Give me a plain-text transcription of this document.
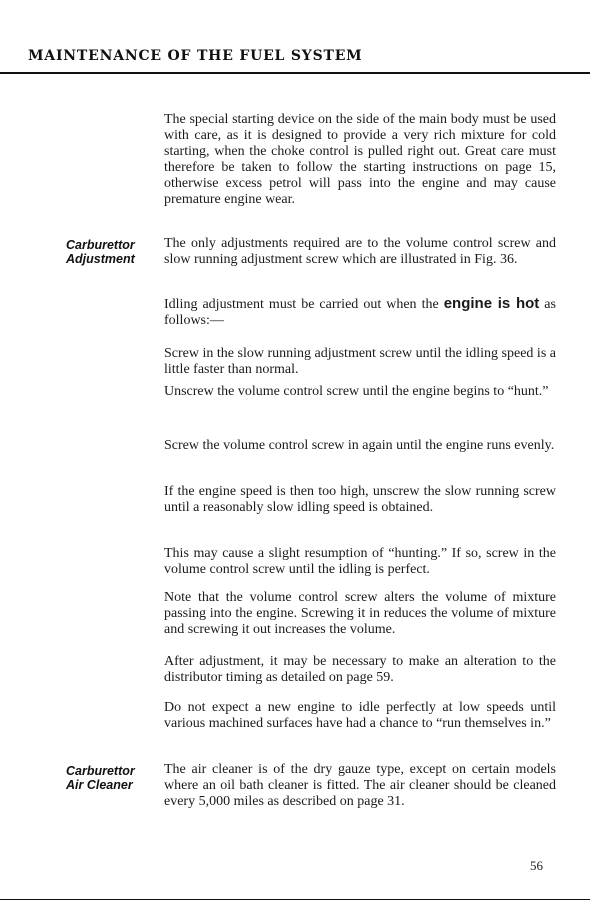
MAINTENANCE OF THE FUEL SYSTEM

The special starting device on the side of the main body must be used with care, as it is designed to provide a very rich mixture for cold starting, when the choke control is pulled right out. Great care must therefore be taken to follow the starting instructions on page 15, otherwise excess petrol will pass into the engine and may cause premature engine wear.

Carburettor
Adjustment

The only adjustments required are to the volume control screw and slow running adjustment screw which are illustrated in Fig. 36.

Idling adjustment must be carried out when the engine is hot as follows:—

Screw in the slow running adjustment screw until the idling speed is a little faster than normal.

Unscrew the volume control screw until the engine begins to “hunt.”

Screw the volume control screw in again until the engine runs evenly.

If the engine speed is then too high, unscrew the slow running screw until a reasonably slow idling speed is obtained.

This may cause a slight resumption of “hunting.” If so, screw in the volume control screw until the idling is perfect.

Note that the volume control screw alters the volume of mixture passing into the engine. Screwing it in reduces the volume of mixture and screwing it out increases the volume.

After adjustment, it may be necessary to make an alteration to the distributor timing as detailed on page 59.

Do not expect a new engine to idle perfectly at low speeds until various machined surfaces have had a chance to “run themselves in.”

Carburettor
Air Cleaner

The air cleaner is of the dry gauze type, except on certain models where an oil bath cleaner is fitted. The air cleaner should be cleaned every 5,000 miles as described on page 31.

56
